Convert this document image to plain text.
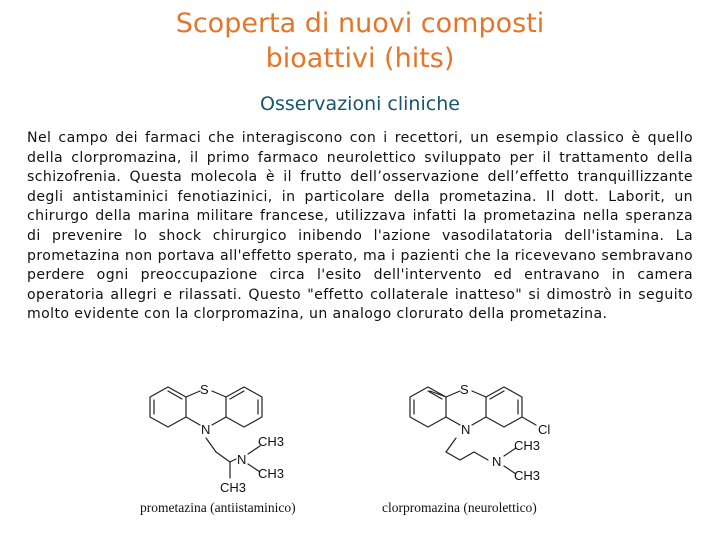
Scoperta di nuovi composti
bioattivi (hits)
Osservazioni cliniche

Nel campo dei farmaci che interagiscono con i recettori, un esempio classico è quello della clorpromazina, il primo farmaco neurolettico sviluppato per il trattamento della schizofrenia. Questa molecola è il frutto dell’osservazione dell’effetto tranquillizzante degli antistaminici fenotiazinici, in particolare della prometazina. Il dott. Laborit, un chirurgo della marina militare francese, utilizzava infatti la prometazina nella speranza di prevenire lo shock chirurgico inibendo l'azione vasodilatatoria dell'istamina. La prometazina non portava all'effetto sperato, ma i pazienti che la ricevevano sembravano perdere ogni preoccupazione circa l'esito dell'intervento ed entravano in camera operatoria allegri e rilassati. Questo "effetto collaterale inatteso" si dimostrò in seguito molto evidente con la clorpromazina, un analogo clorurato della prometazina.

S
N
N
CH3
CH3
CH3
prometazina (antiistaminico)
S
N	Cl
N
CH3
CH3
clorpromazina (neurolettico)
